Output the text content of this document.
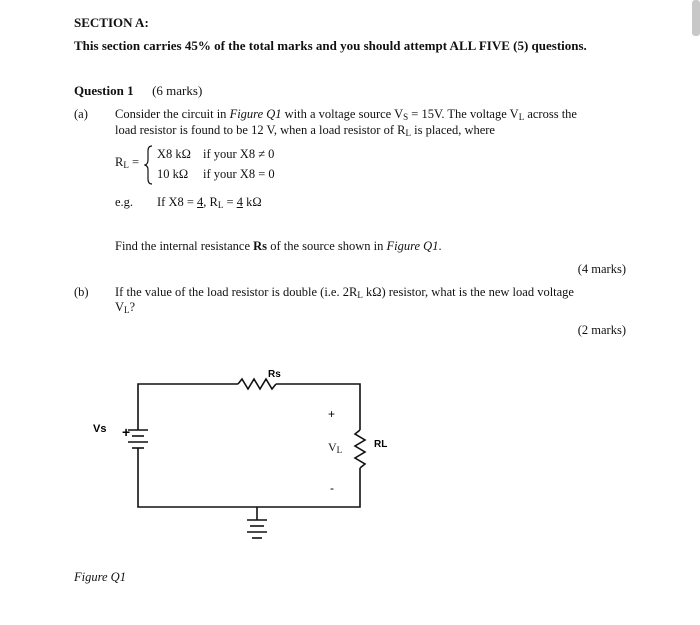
SECTION A:
This section carries 45% of the total marks and you should attempt ALL FIVE (5) questions.
Question 1 (6 marks)
(a) Consider the circuit in Figure Q1 with a voltage source $V_S = 15V$. The voltage $V_L$ across the
load resistor is found to be 12 V, when a load resistor of $R_L$ is placed, where
$R_L$ =
X8 kΩ if your X8 ≠ 0
10 kΩ if your X8 = 0
e.g. If X8 = 4, $R_L = 4$ kΩ
Find the internal resistance Rs of the source shown in Figure Q1.
(4 marks)
(b) If the value of the load resistor is double (i.e. $2R_L$ kΩ) resistor, what is the new load voltage
$V_L$?
(2 marks)
Rs
Vs +
+
-
RL
$V_L$
Figure Q1
